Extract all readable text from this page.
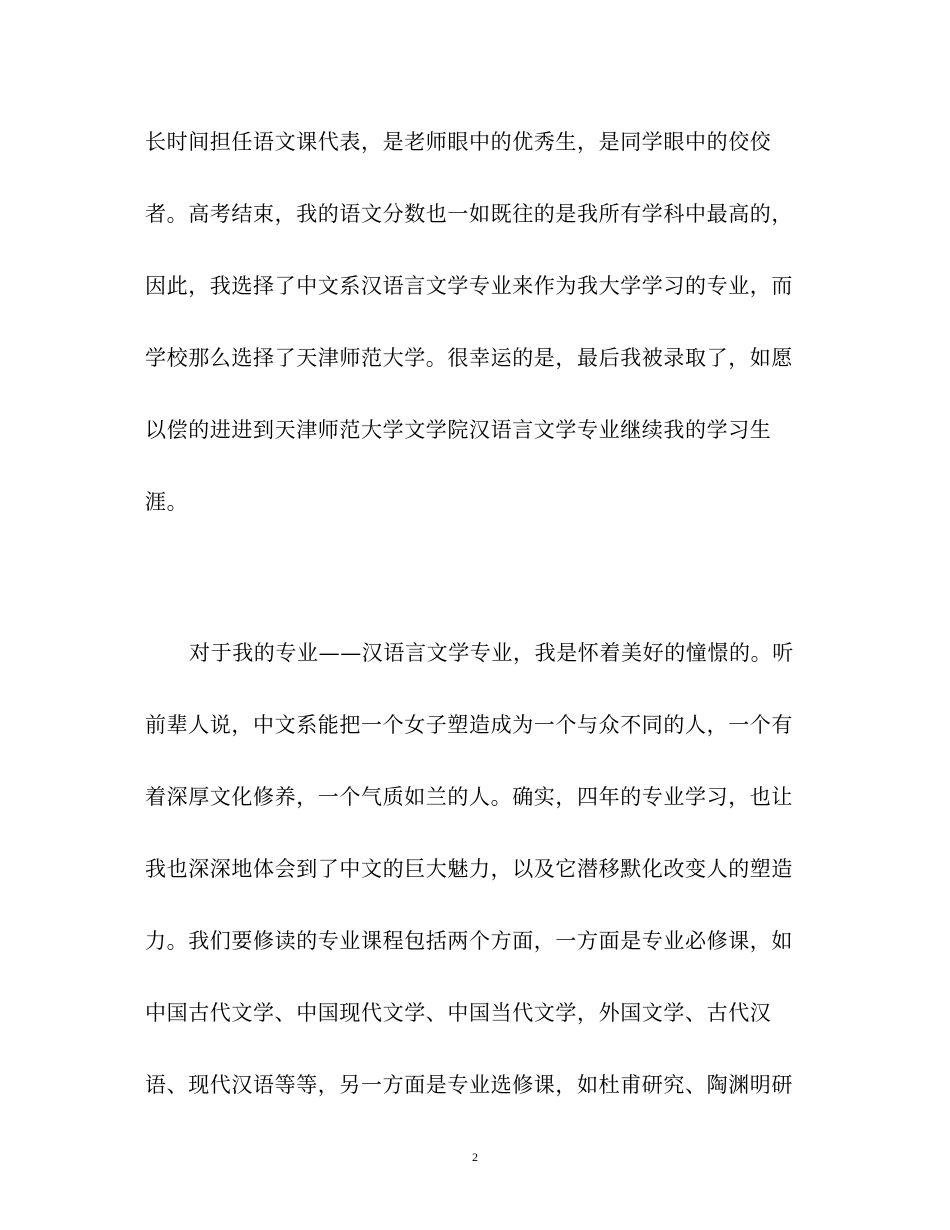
长时间担任语文课代表，是老师眼中的优秀生，是同学眼中的佼佼
者。高考结束，我的语文分数也一如既往的是我所有学科中最高的，
因此，我选择了中文系汉语言文学专业来作为我大学学习的专业，而
学校那么选择了天津师范大学。很幸运的是，最后我被录取了，如愿
以偿的进进到天津师范大学文学院汉语言文学专业继续我的学习生
涯。
对于我的专业——汉语言文学专业，我是怀着美好的憧憬的。听
前辈人说，中文系能把一个女子塑造成为一个与众不同的人，一个有
着深厚文化修养，一个气质如兰的人。确实，四年的专业学习，也让
我也深深地体会到了中文的巨大魅力，以及它潜移默化改变人的塑造
力。我们要修读的专业课程包括两个方面，一方面是专业必修课，如
中国古代文学、中国现代文学、中国当代文学，外国文学、古代汉
语、现代汉语等等，另一方面是专业选修课，如杜甫研究、陶渊明研
2
